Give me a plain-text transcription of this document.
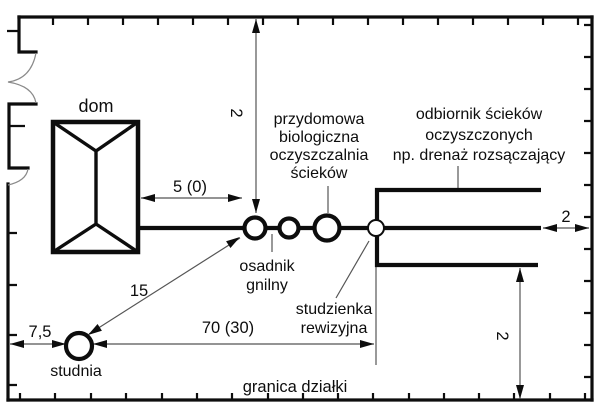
dom
przydomowa
biologiczna
oczyszczalnia
ścieków
odbiornik ścieków
oczyszczonych
np. drenaż rozsączający
osadnik
gnilny
studzienka
rewizyjna
studnia
granica działki
5 (0)
2
15
7,5	70 (30)
2
2
